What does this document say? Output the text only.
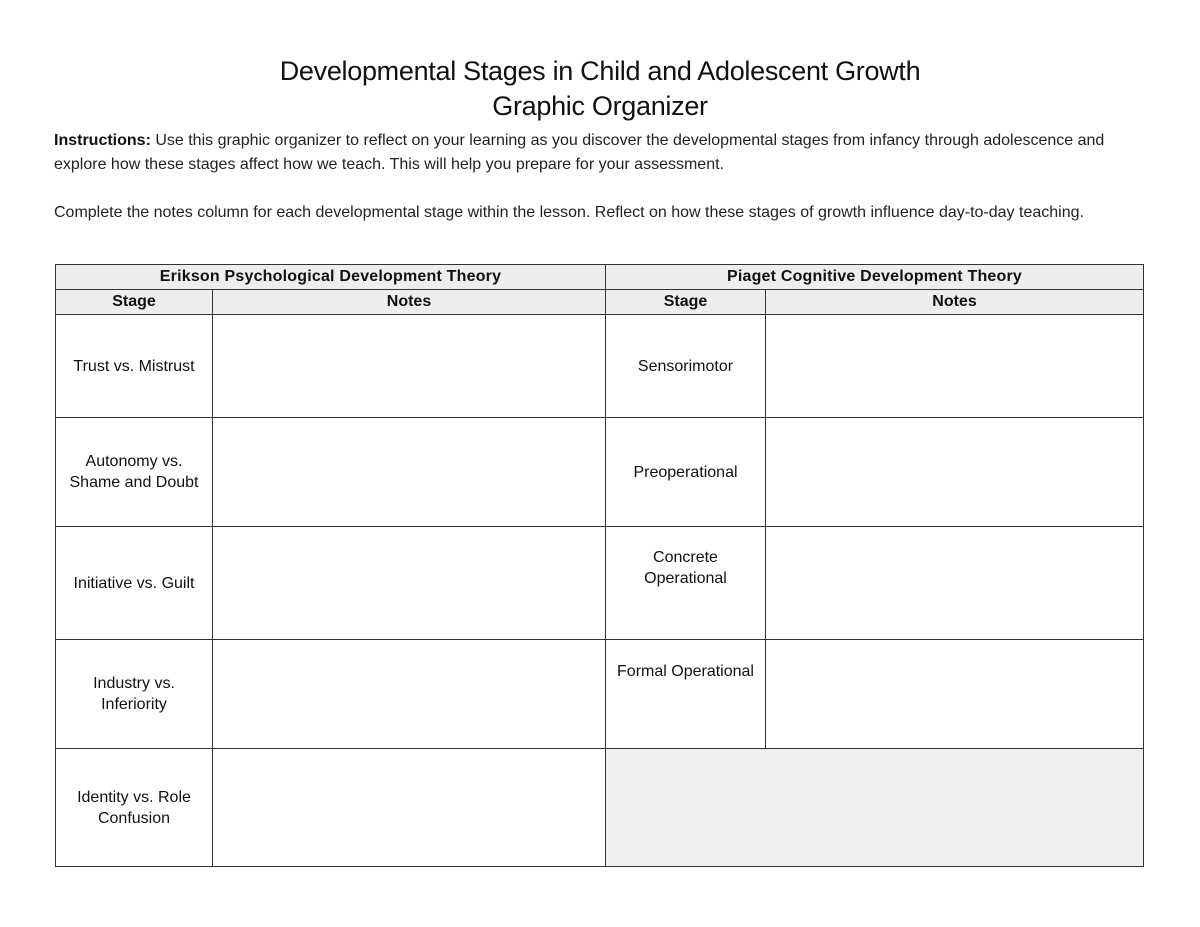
Developmental Stages in Child and Adolescent Growth
Graphic Organizer

Instructions: Use this graphic organizer to reflect on your learning as you discover the developmental stages from infancy through adolescence and explore how these stages affect how we teach. This will help you prepare for your assessment.

Complete the notes column for each developmental stage within the lesson. Reflect on how these stages of growth influence day-to-day teaching.

Erikson Psychological Development Theory		Piaget Cognitive Development Theory	
Stage	Notes	Stage	Notes
Trust vs. Mistrust		Sensorimotor	
Autonomy vs. Shame and Doubt		Preoperational	
Initiative vs. Guilt		Concrete Operational	
Industry vs. Inferiority		Formal Operational	
Identity vs. Role Confusion			
